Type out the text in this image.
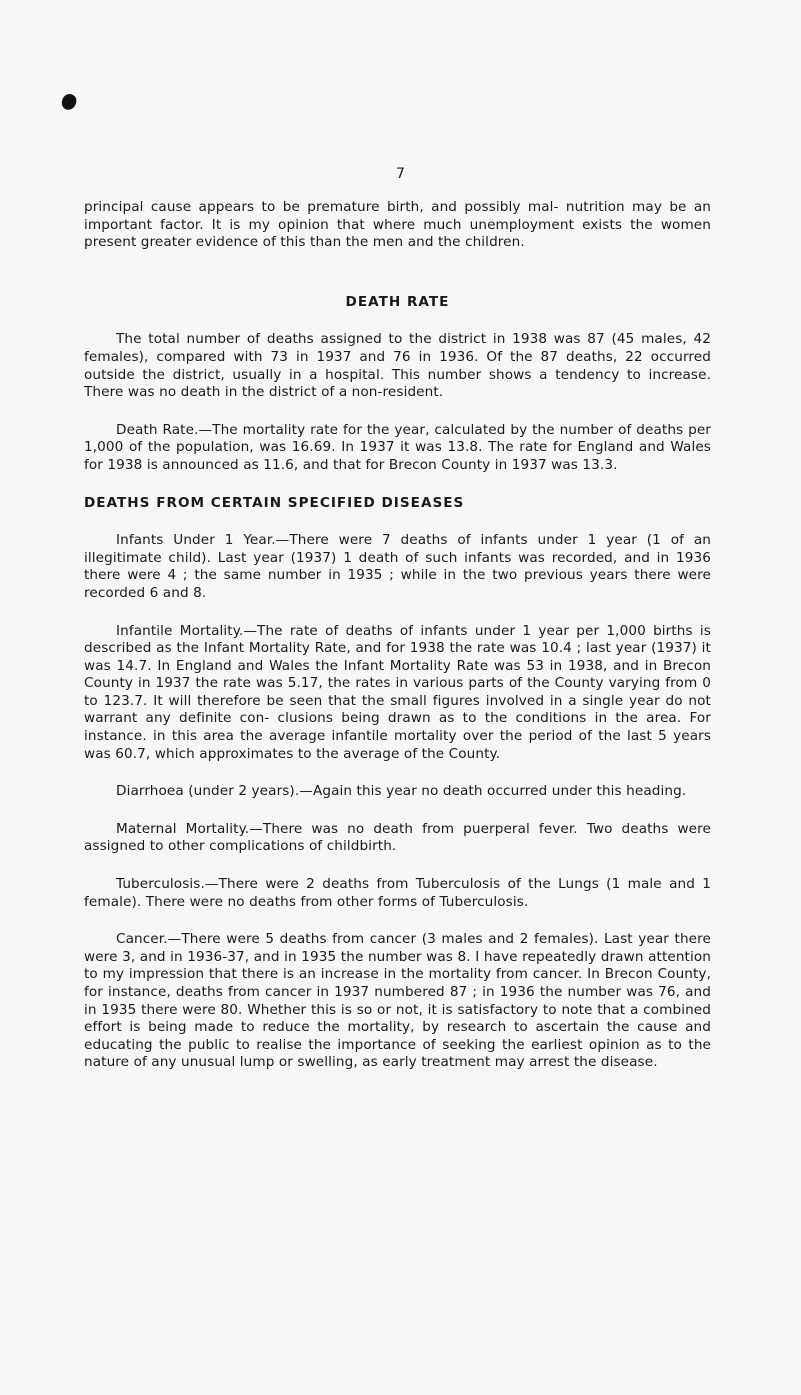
7

principal cause appears to be premature birth, and possibly mal- nutrition may be an important factor. It is my opinion that where much unemployment exists the women present greater evidence of this than the men and the children.

DEATH RATE

The total number of deaths assigned to the district in 1938 was 87 (45 males, 42 females), compared with 73 in 1937 and 76 in 1936. Of the 87 deaths, 22 occurred outside the district, usually in a hospital. This number shows a tendency to increase. There was no death in the district of a non-resident.

Death Rate.—The mortality rate for the year, calculated by the number of deaths per 1,000 of the population, was 16.69. In 1937 it was 13.8. The rate for England and Wales for 1938 is announced as 11.6, and that for Brecon County in 1937 was 13.3.

DEATHS FROM CERTAIN SPECIFIED DISEASES

Infants Under 1 Year.—There were 7 deaths of infants under 1 year (1 of an illegitimate child). Last year (1937) 1 death of such infants was recorded, and in 1936 there were 4 ; the same number in 1935 ; while in the two previous years there were recorded 6 and 8.

Infantile Mortality.—The rate of deaths of infants under 1 year per 1,000 births is described as the Infant Mortality Rate, and for 1938 the rate was 10.4 ; last year (1937) it was 14.7. In England and Wales the Infant Mortality Rate was 53 in 1938, and in Brecon County in 1937 the rate was 5.17, the rates in various parts of the County varying from 0 to 123.7. It will therefore be seen that the small figures involved in a single year do not warrant any definite con- clusions being drawn as to the conditions in the area. For instance. in this area the average infantile mortality over the period of the last 5 years was 60.7, which approximates to the average of the County.

Diarrhoea (under 2 years).—Again this year no death occurred under this heading.

Maternal Mortality.—There was no death from puerperal fever. Two deaths were assigned to other complications of childbirth.

Tuberculosis.—There were 2 deaths from Tuberculosis of the Lungs (1 male and 1 female). There were no deaths from other forms of Tuberculosis.

Cancer.—There were 5 deaths from cancer (3 males and 2 females). Last year there were 3, and in 1936-37, and in 1935 the number was 8. I have repeatedly drawn attention to my impression that there is an increase in the mortality from cancer. In Brecon County, for instance, deaths from cancer in 1937 numbered 87 ; in 1936 the number was 76, and in 1935 there were 80. Whether this is so or not, it is satisfactory to note that a combined effort is being made to reduce the mortality, by research to ascertain the cause and educating the public to realise the importance of seeking the earliest opinion as to the nature of any unusual lump or swelling, as early treatment may arrest the disease.
